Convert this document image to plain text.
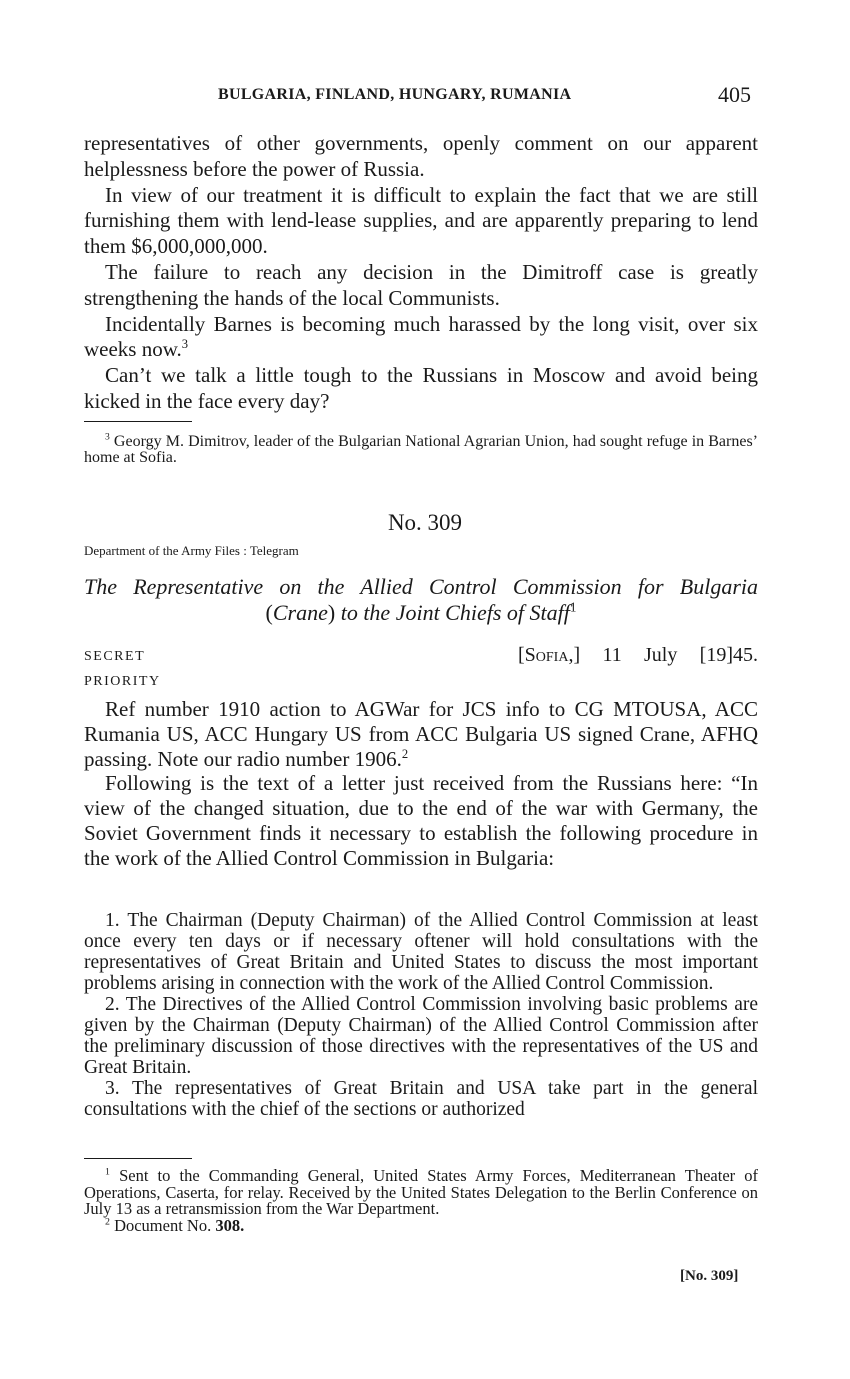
BULGARIA, FINLAND, HUNGARY, RUMANIA	405

representatives of other governments, openly comment on our apparent helplessness before the power of Russia.

In view of our treatment it is difficult to explain the fact that we are still furnishing them with lend-lease supplies, and are apparently preparing to lend them $6,000,000,000.

The failure to reach any decision in the Dimitroff case is greatly strengthening the hands of the local Communists.

Incidentally Barnes is becoming much harassed by the long visit, over six weeks now.$^3$

Can’t we talk a little tough to the Russians in Moscow and avoid being kicked in the face every day?

$^3$ Georgy M. Dimitrov, leader of the Bulgarian National Agrarian Union, had sought refuge in Barnes’ home at Sofia.

No. 309
Department of the Army Files : Telegram
The Representative on the Allied Control Commission for Bulgaria
(Crane) to the Joint Chiefs of Staff$^1$
SECRET	[Sofia,] 11 July [19]45.
PRIORITY

Ref number 1910 action to AGWar for JCS info to CG MTOUSA, ACC Rumania US, ACC Hungary US from ACC Bulgaria US signed Crane, AFHQ passing. Note our radio number 1906.$^2$

Following is the text of a letter just received from the Russians here: “In view of the changed situation, due to the end of the war with Germany, the Soviet Government finds it necessary to establish the following procedure in the work of the Allied Control Commission in Bulgaria:

1. The Chairman (Deputy Chairman) of the Allied Control Commission at least once every ten days or if necessary oftener will hold consultations with the representatives of Great Britain and United States to discuss the most important problems arising in connection with the work of the Allied Control Commission.

2. The Directives of the Allied Control Commission involving basic problems are given by the Chairman (Deputy Chairman) of the Allied Control Commission after the preliminary discussion of those directives with the representatives of the US and Great Britain.

3. The representatives of Great Britain and USA take part in the general consultations with the chief of the sections or authorized

$^1$ Sent to the Commanding General, United States Army Forces, Mediterranean Theater of Operations, Caserta, for relay. Received by the United States Delegation to the Berlin Conference on July 13 as a retransmission from the War Department.

$^2$ Document No. 308.

[No. 309]
